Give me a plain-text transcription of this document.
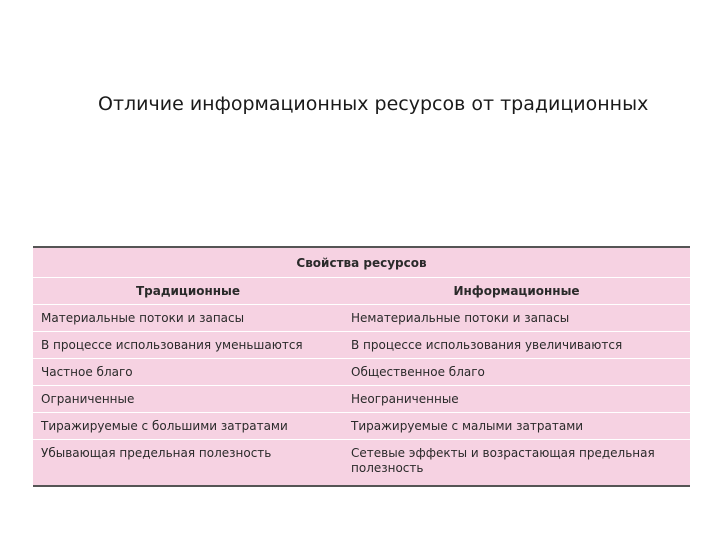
Отличие информационных ресурсов от традиционных
Свойства ресурсов	
Традиционные	Информационные
Материальные потоки и запасы	Нематериальные потоки и запасы
В процессе использования уменьшаются	В процессе использования увеличиваются
Частное благо	Общественное благо
Ограниченные	Неограниченные
Тиражируемые с большими затратами	Тиражируемые с малыми затратами
Убывающая предельная полезность	Сетевые эффекты и возрастающая предельная полезность
